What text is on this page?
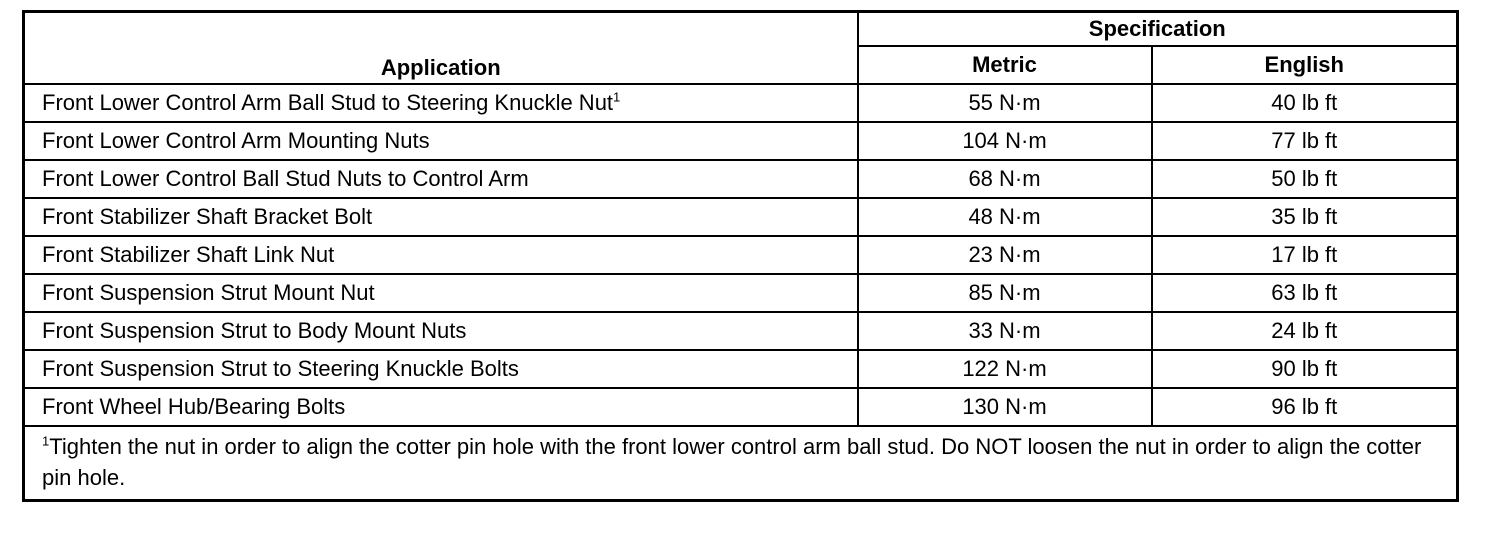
Application	Specification	
	Metric	English
Front Lower Control Arm Ball Stud to Steering Knuckle Nut$^1$	55 N·m	40 lb ft
Front Lower Control Arm Mounting Nuts	104 N·m	77 lb ft
Front Lower Control Ball Stud Nuts to Control Arm	68 N·m	50 lb ft
Front Stabilizer Shaft Bracket Bolt	48 N·m	35 lb ft
Front Stabilizer Shaft Link Nut	23 N·m	17 lb ft
Front Suspension Strut Mount Nut	85 N·m	63 lb ft
Front Suspension Strut to Body Mount Nuts	33 N·m	24 lb ft
Front Suspension Strut to Steering Knuckle Bolts	122 N·m	90 lb ft
Front Wheel Hub/Bearing Bolts	130 N·m	96 lb ft
$^1$Tighten the nut in order to align the cotter pin hole with the front lower control arm ball stud. Do NOT loosen the nut in order to align the cotter pin hole.		
